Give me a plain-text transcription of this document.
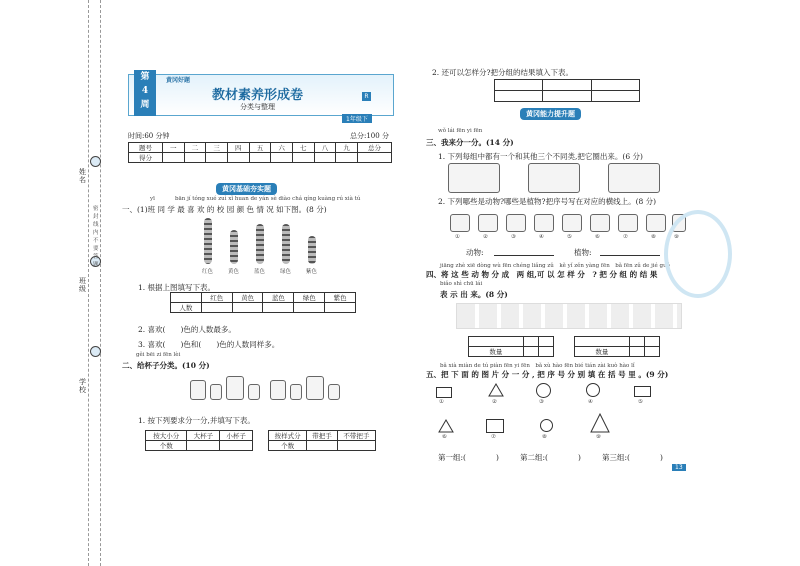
姓名
班级
学校
密 封 线 内 不 要 答 题
第
4
周
黄冈好题
教材素养形成卷
分类与整理
R
1年级下
时间:60 分钟	总分:100 分
题号	一	二	三	四	五	六	七	八	九	总分
得分										
黄冈基础夯实题
yī	bān jí tóng xué zuì xǐ huan de yán sè diào chá qíng kuàng rú xià tú
一、(1)班 同 学 最 喜 欢 的 校 园 颜 色 情 况 如下图。(8 分)
红色	黄色	蓝色	绿色	紫色
1. 根据上图填写下表。
	红色	黄色	蓝色	绿色	紫色
人数					
2. 喜欢(　　)色的人数最多。
3. 喜欢(　　)色和(　　)色的人数同样多。
gěi bēi zi fēn lèi
二、给杯子分类。(10 分)
1. 按下列要求分一分,并填写下表。
按大小分	大杯子	小杯子
个数		
按样式分	带把手	不带把手
个数		
2. 还可以怎样分?把分组的结果填入下表。

黄冈能力提升题
wǒ lái fēn yi fēn
三、我来分一分。(14 分)
1. 下列每组中都有一个和其他三个不同类,把它圈出来。(6 分)
2. 下列哪些是动物?哪些是植物?把序号写在对应的横线上。(8 分)
①	②	③	④	⑤	⑥	⑦	⑧	⑨
动物:	植物:
jiāng zhè xiē dòng wù fēn chéng liǎng zǔ　kě yǐ zěn yàng fēn　bǎ fēn zǔ de jié guǒ
四、将 这 些 动 物 分 成　两 组,可 以 怎 样 分　? 把 分 组 的 结 果
biǎo shì chū lái
表 示 出 来。(8 分)

数量		
			数量		
bǎ xià miàn de tú piàn fēn yi fēn　bǎ xù hào fēn bié tián zài kuò hào lǐ
五、把 下 面 的 图 片 分 一 分 , 把 序 号 分 别 填 在 括 号 里 。(9 分)
①	②	③	④	⑤
⑥	⑦	⑧	⑨
第一组:(　　　　)	第二组:(　　　　)	第三组:(　　　　)
13
